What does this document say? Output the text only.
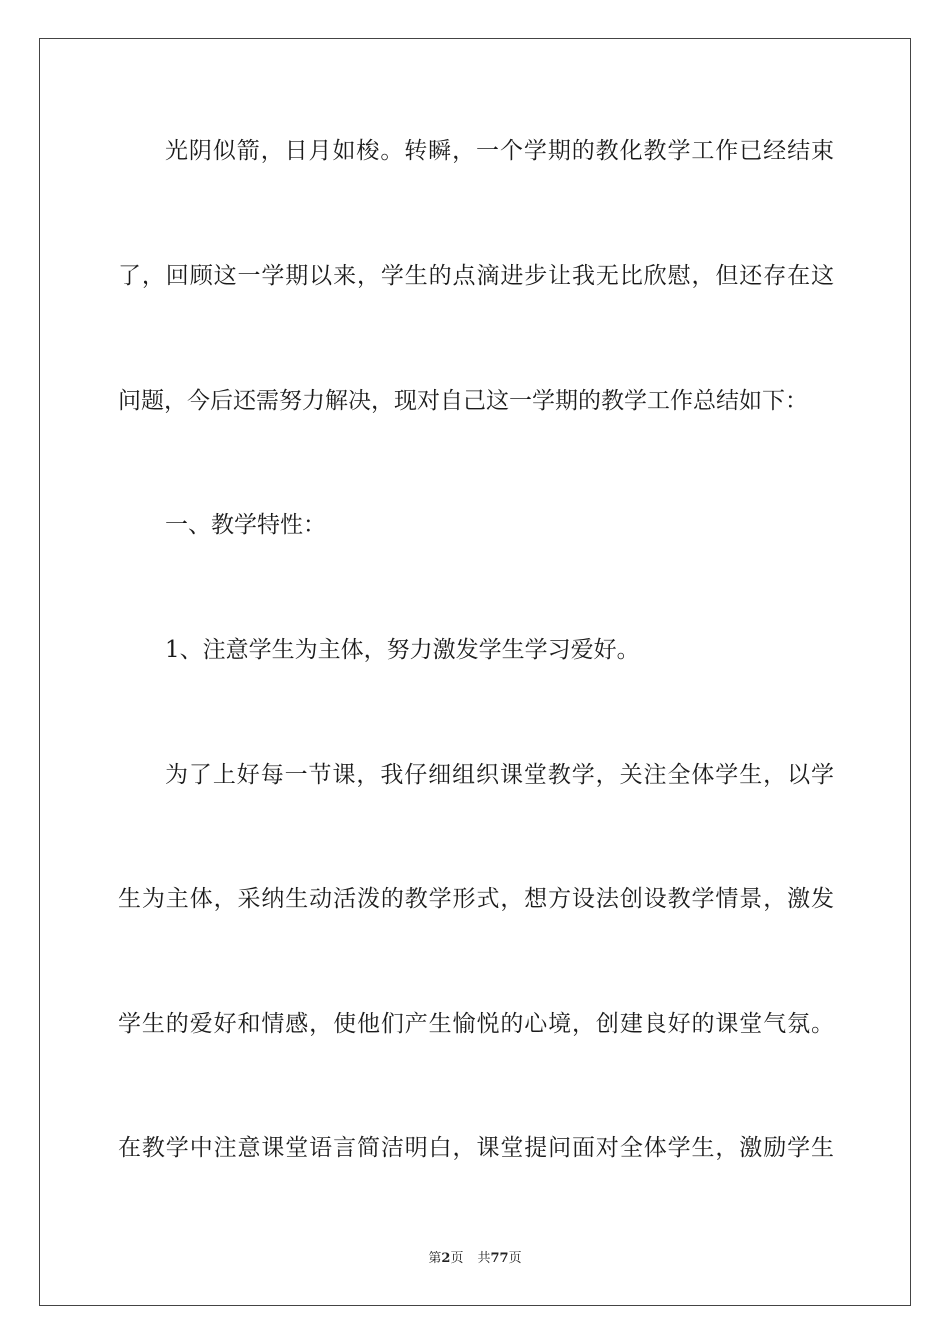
光阴似箭，日月如梭。转瞬，一个学期的教化教学工作已经结束
了，回顾这一学期以来，学生的点滴进步让我无比欣慰，但还存在这
问题，今后还需努力解决，现对自己这一学期的教学工作总结如下：
一、教学特性：
1、注意学生为主体，努力激发学生学习爱好。
为了上好每一节课，我仔细组织课堂教学，关注全体学生，以学
生为主体，采纳生动活泼的教学形式，想方设法创设教学情景，激发
学生的爱好和情感，使他们产生愉悦的心境，创建良好的课堂气氛。
在教学中注意课堂语言简洁明白，课堂提问面对全体学生，激励学生
第2页 共77页
